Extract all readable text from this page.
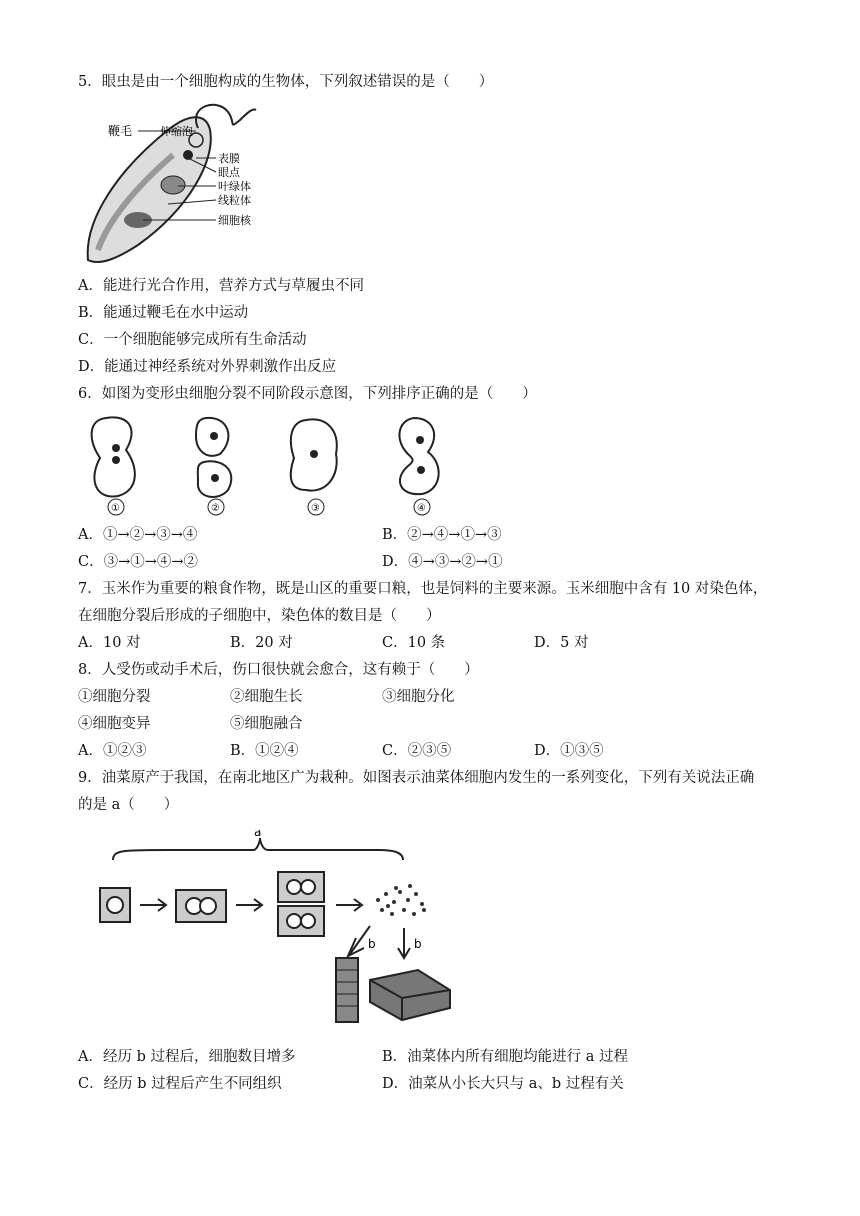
5．眼虫是由一个细胞构成的生物体，下列叙述错误的是（　　）
鞭毛	伸缩泡
表膜
眼点
叶绿体
线粒体
细胞核
A．能进行光合作用，营养方式与草履虫不同
B．能通过鞭毛在水中运动
C．一个细胞能够完成所有生命活动
D．能通过神经系统对外界刺激作出反应
6．如图为变形虫细胞分裂不同阶段示意图，下列排序正确的是（　　）
①	②	③	④
A．①→②→③→④	B．②→④→①→③
C．③→①→④→②	D．④→③→②→①
7．玉米作为重要的粮食作物，既是山区的重要口粮，也是饲料的主要来源。玉米细胞中含有 10 对染色体，
在细胞分裂后形成的子细胞中，染色体的数目是（　　）
A．10 对	B．20 对	C．10 条	D．5 对
8．人受伤或动手术后，伤口很快就会愈合，这有赖于（　　）
①细胞分裂	②细胞生长	③细胞分化
④细胞变异	⑤细胞融合
A．①②③	B．①②④	C．②③⑤	D．①③⑤
9．油菜原产于我国，在南北地区广为栽种。如图表示油菜体细胞内发生的一系列变化，下列有关说法正确
的是 a（　　）
a
b	b
A．经历 b 过程后，细胞数目增多	B．油菜体内所有细胞均能进行 a 过程
C．经历 b 过程后产生不同组织	D．油菜从小长大只与 a、b 过程有关
